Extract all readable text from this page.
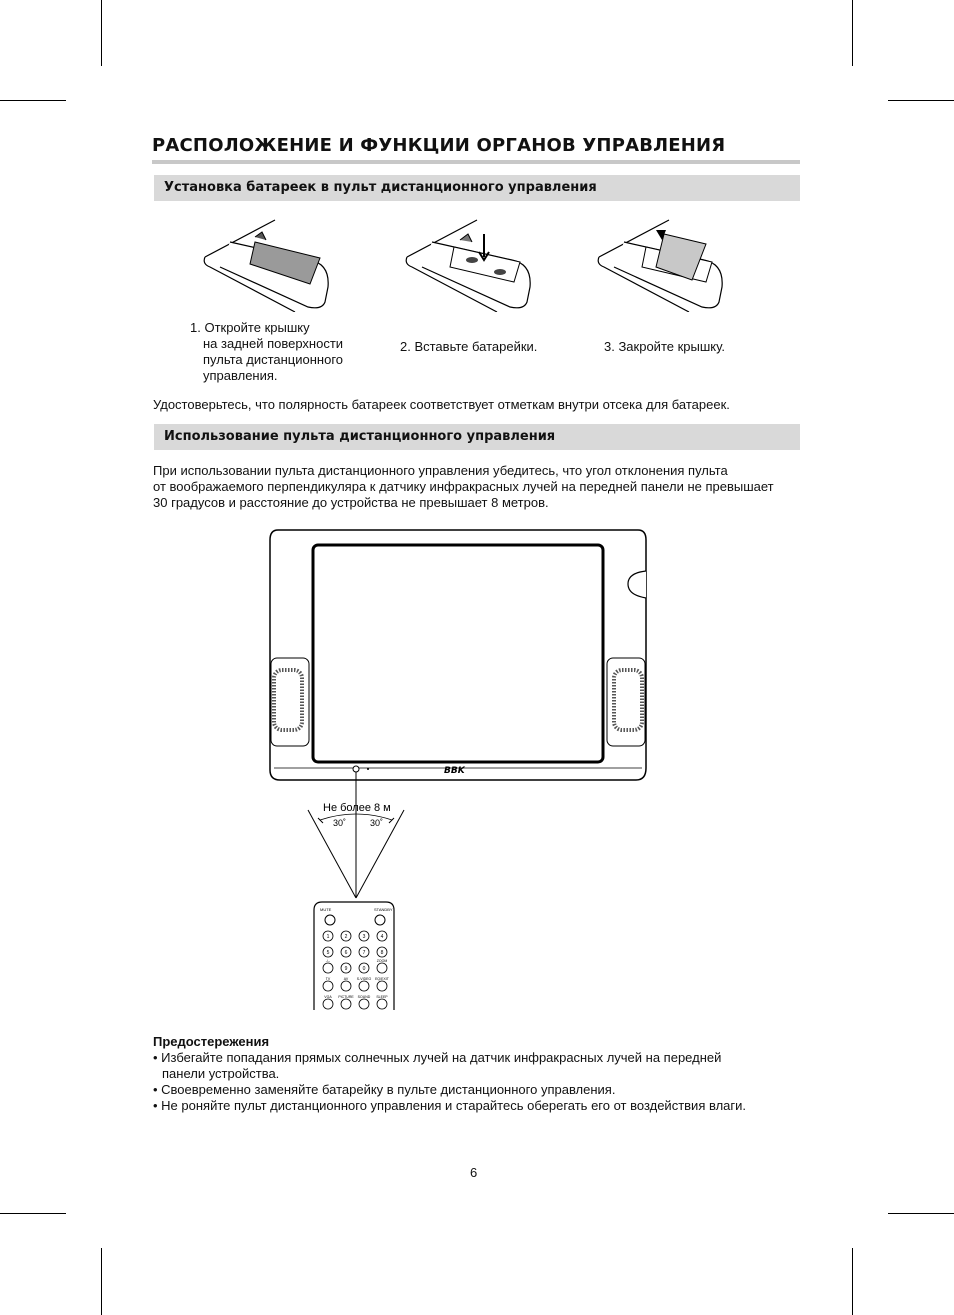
РАСПОЛОЖЕНИЕ И ФУНКЦИИ ОРГАНОВ УПРАВЛЕНИЯ
Установка батареек в пульт дистанционного управления
1. Откройте крышку
на задней поверхности
пульта дистанционного
управления.
2. Вставьте батарейки.	3. Закройте крышку.
Удостоверьтесь, что полярность батареек соответствует отметкам внутри отсека для батареек.
Использование пульта дистанционного управления
При использовании пульта дистанционного управления убедитесь, что угол отклонения пульта
от воображаемого перпендикуляра к датчику инфракрасных лучей на передней панели не превышает
30 градусов и расстояние до устройства не превышает 8 метров.
BBK
Не более 8 м
30˚	30˚
MUTE	STANDBY
1	2	3	4
5	6	7	8
9	0
-/--	ZOOM
TV	AV S-VIDEO EQ/EXIT
VGA PICTURE SOUND SLEEP
Предостережения
• Избегайте попадания прямых солнечных лучей на датчик инфракрасных лучей на передней
панели устройства.
• Своевременно заменяйте батарейку в пульте дистанционного управления.
• Не роняйте пульт дистанционного управления и старайтесь оберегать его от воздействия влаги.
6
